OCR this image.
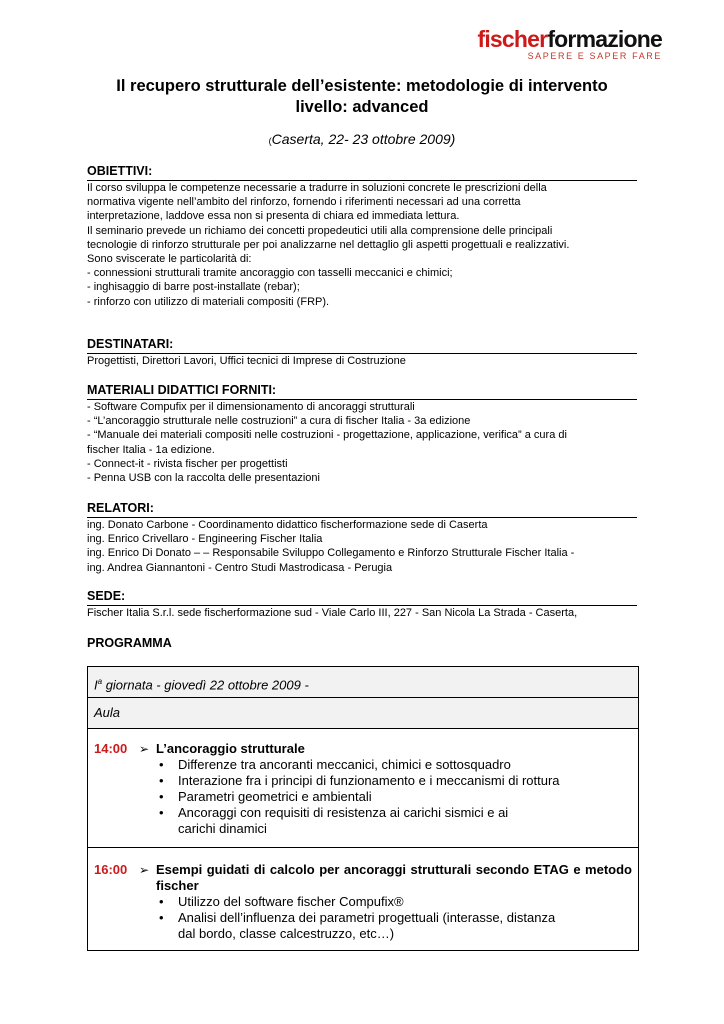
fischerformazione
SAPERE E SAPER FARE
Il recupero strutturale dell’esistente: metodologie di intervento
livello: advanced
(Caserta, 22- 23 ottobre 2009)
OBIETTIVI:
Il corso sviluppa le competenze necessarie a tradurre in soluzioni concrete le prescrizioni della
normativa vigente nell’ambito del rinforzo, fornendo i riferimenti necessari ad una corretta
interpretazione, laddove essa non si presenta di chiara ed immediata lettura.
Il seminario prevede un richiamo dei concetti propedeutici utili alla comprensione delle principali
tecnologie di rinforzo strutturale per poi analizzarne nel dettaglio gli aspetti progettuali e realizzativi.
Sono sviscerate le particolarità di:
- connessioni strutturali tramite ancoraggio con tasselli meccanici e chimici;
- inghisaggio di barre post-installate (rebar);
- rinforzo con utilizzo di materiali compositi (FRP).
DESTINATARI:
Progettisti, Direttori Lavori, Uffici tecnici di Imprese di Costruzione
MATERIALI DIDATTICI FORNITI:
- Software Compufix per il dimensionamento di ancoraggi strutturali
- “L’ancoraggio strutturale nelle costruzioni” a cura di fischer Italia - 3a edizione
- “Manuale dei materiali compositi nelle costruzioni - progettazione, applicazione, verifica” a cura di
fischer Italia - 1a edizione.
- Connect-it - rivista fischer per progettisti
- Penna USB con la raccolta delle presentazioni
RELATORI:
ing. Donato Carbone - Coordinamento didattico fischerformazione sede di Caserta
ing. Enrico Crivellaro - Engineering Fischer Italia
ing. Enrico Di Donato – – Responsabile Sviluppo Collegamento e Rinforzo Strutturale Fischer Italia -
ing. Andrea Giannantoni - Centro Studi Mastrodicasa - Perugia
SEDE:
Fischer Italia S.r.l. sede fischerformazione sud - Viale Carlo III, 227 - San Nicola La Strada - Caserta,
PROGRAMMA
$I^a$ giornata - giovedì 22 ottobre 2009 -
Aula
14:00 ➢ L’ancoraggio strutturale
• Differenze tra ancoranti meccanici, chimici e sottosquadro
• Interazione fra i principi di funzionamento e i meccanismi di rottura
• Parametri geometrici e ambientali
• Ancoraggi con requisiti di resistenza ai carichi sismici e ai carichi dinamici
16:00 ➢ Esempi guidati di calcolo per ancoraggi strutturali secondo ETAG e metodo fischer
• Utilizzo del software fischer Compufix®
• Analisi dell’influenza dei parametri progettuali (interasse, distanza dal bordo, classe calcestruzzo, etc…)
